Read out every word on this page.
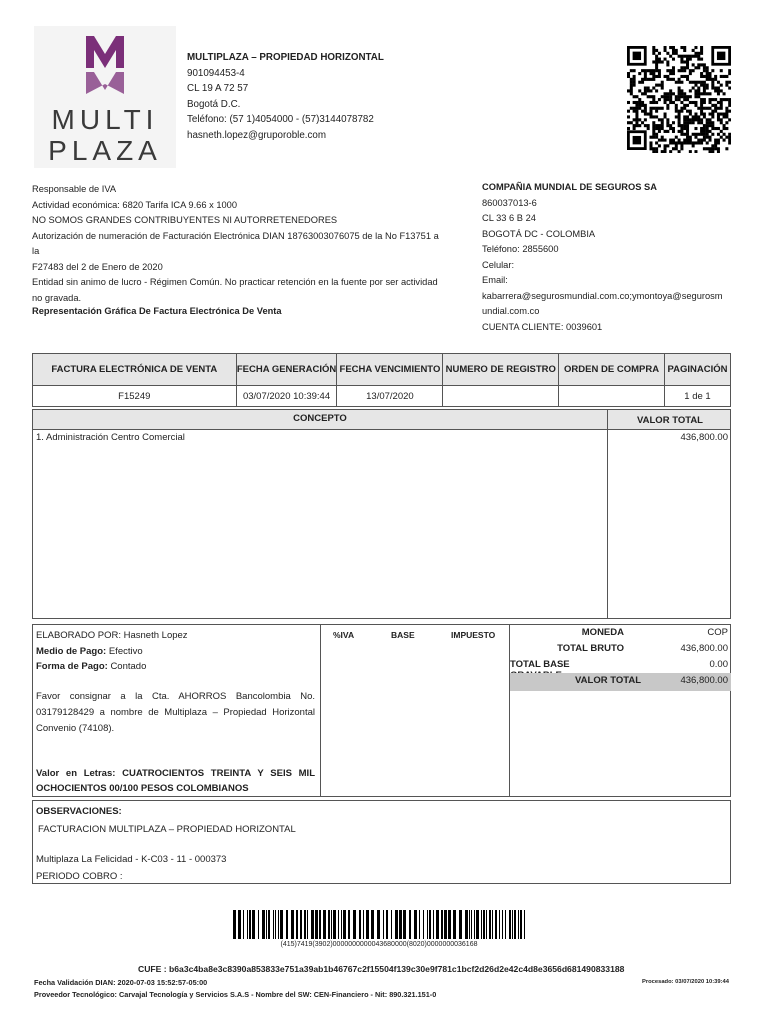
MULTI
PLAZA
MULTIPLAZA – PROPIEDAD HORIZONTAL
901094453-4
CL 19 A 72 57
Bogotá D.C.
Teléfono: (57 1)4054000 - (57)3144078782
hasneth.lopez@gruporoble.com
Responsable de IVA
Actividad económica: 6820 Tarifa ICA 9.66 x 1000
NO SOMOS GRANDES CONTRIBUYENTES NI AUTORRETENEDORES
Autorización de numeración de Facturación Electrónica DIAN 18763003076075 de la No F13751 a la
F27483 del 2 de Enero de 2020
Entidad sin animo de lucro - Régimen Común. No practicar retención en la fuente por ser actividad
no gravada.
Representación Gráfica De Factura Electrónica De Venta
COMPAÑIA MUNDIAL DE SEGUROS SA
860037013-6
CL 33 6 B 24
BOGOTÁ DC - COLOMBIA
Teléfono: 2855600
Celular:
Email:
kabarrera@segurosmundial.com.co;ymontoya@segurosm
undial.com.co
CUENTA CLIENTE: 0039601
FACTURA ELECTRÓNICA DE VENTA	FECHA GENERACIÓN	FECHA VENCIMIENTO	NUMERO DE REGISTRO	ORDEN DE COMPRA	PAGINACIÓN
F15249	03/07/2020 10:39:44	13/07/2020			1 de 1
CONCEPTO	VALOR TOTAL
1. Administración Centro Comercial	436,800.00
ELABORADO POR: Hasneth Lopez
Medio de Pago: Efectivo
Forma de Pago: Contado
Favor consignar a la Cta. AHORROS Bancolombia No. 03179128429 a nombre de Multiplaza – Propiedad Horizontal Convenio (74108).
Valor en Letras: CUATROCIENTOS TREINTA Y SEIS MIL OCHOCIENTOS 00/100 PESOS COLOMBIANOS
%IVA	BASE	IMPUESTO	MONEDA	COP
TOTAL BRUTO	436,800.00
TOTAL BASE	0.00
VALOR TOTAL	436,800.00
OBSERVACIONES:
FACTURACION MULTIPLAZA – PROPIEDAD HORIZONTAL
Multiplaza La Felicidad - K-C03 - 11 - 000373
PERIODO COBRO :
(415)7419(3902)0000000000043680000(8020)0000000036168
CUFE : b6a3c4ba8e3c8390a853833e751a39ab1b46767c2f15504f139c30e9f781c1bcf2d26d2e42c4d8e3656d681490833188
Fecha Validación DIAN: 2020-07-03 15:52:57-05:00
Proveedor Tecnológico: Carvajal Tecnología y Servicios S.A.S - Nombre del SW: CEN-Financiero - Nit: 890.321.151-0
Procesado: 03/07/2020 10:39:44
